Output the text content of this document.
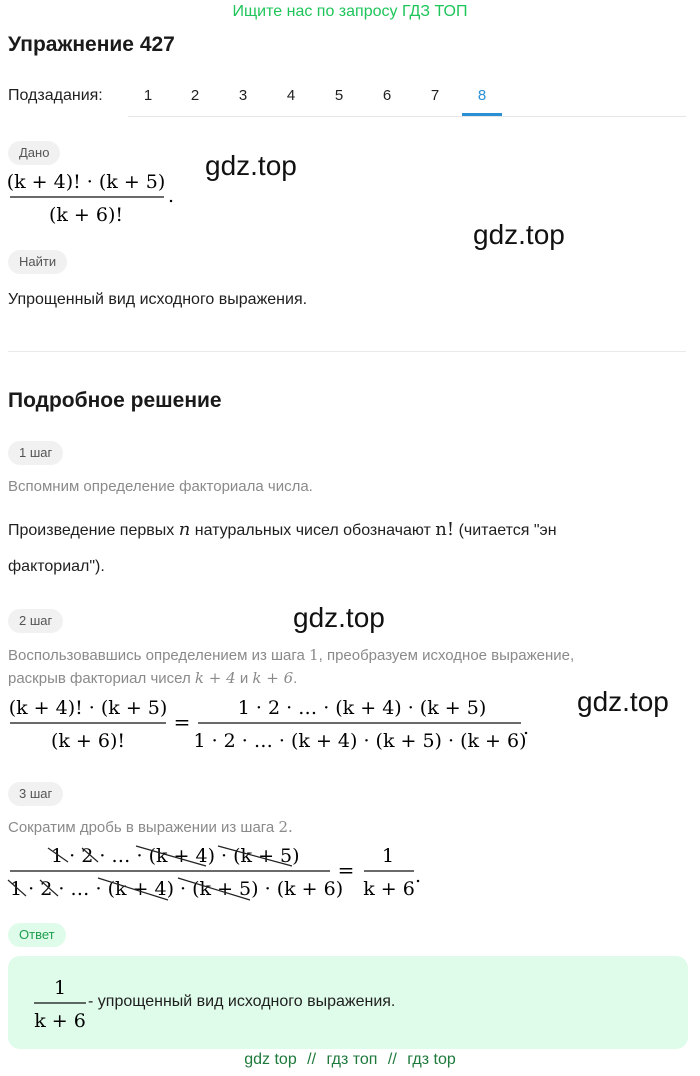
Ищите нас по запросу ГДЗ ТОП
Упражнение 427
Подзадания:	1	2	3	4	5	6	7	8
Дано
(k + 4)! · (k + 5)
(k + 6)!
.
gdz.top
gdz.top
gdz.top
gdz.top
Найти
Упрощенный вид исходного выражения.
Подробное решение
1 шаг
Вспомним определение факториала числа.
Произведение первых n натуральных чисел обозначают n! (читается "эн
факториал").
2 шаг
Воспользовавшись определением из шага 1, преобразуем исходное выражение,
раскрыв факториал чисел k + 4 и k + 6.
(k + 4)! · (k + 5)
(k + 6)!
=
1 · 2 · … · (k + 4) · (k + 5)
1 · 2 · … · (k + 4) · (k + 5) · (k + 6)
.
3 шаг
Сократим дробь в выражении из шага 2.
1 · 2 · … · (k + 4) · (k + 5)
1 · 2 · … · (k + 4) · (k + 5) · (k + 6)
=
1
k + 6
.
Ответ
1
k + 6
- упрощенный вид исходного выражения.
gdz top // гдз топ // гдз top
